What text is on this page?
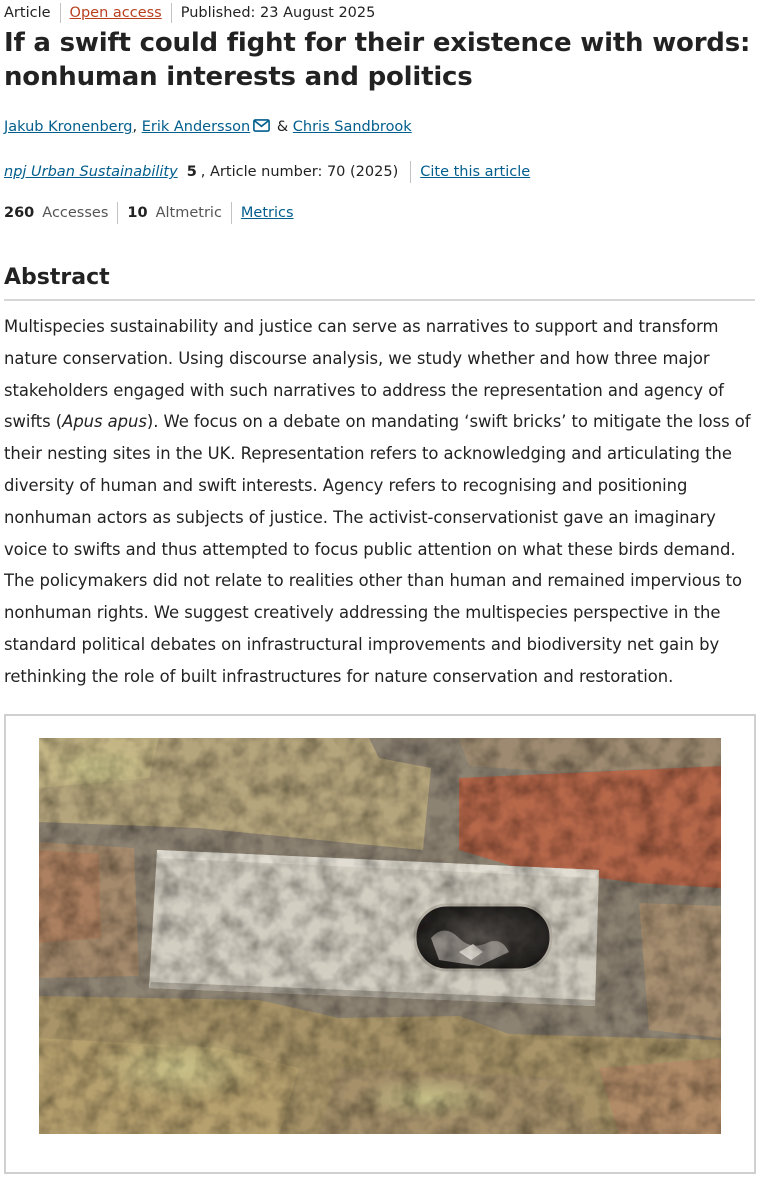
Article Open access Published: 23 August 2025
If a swift could fight for their existence with words: nonhuman interests and politics
Jakub Kronenberg, Erik Andersson & Chris Sandbrook
npj Urban Sustainability 5 , Article number: 70 (2025) Cite this article
260 Accesses 10 Altmetric Metrics
Abstract

Multispecies sustainability and justice can serve as narratives to support and transform nature conservation. Using discourse analysis, we study whether and how three major stakeholders engaged with such narratives to address the representation and agency of swifts (Apus apus). We focus on a debate on mandating ‘swift bricks’ to mitigate the loss of their nesting sites in the UK. Representation refers to acknowledging and articulating the diversity of human and swift interests. Agency refers to recognising and positioning nonhuman actors as subjects of justice. The activist-conservationist gave an imaginary voice to swifts and thus attempted to focus public attention on what these birds demand. The policymakers did not relate to realities other than human and remained impervious to nonhuman rights. We suggest creatively addressing the multispecies perspective in the standard political debates on infrastructural improvements and biodiversity net gain by rethinking the role of built infrastructures for nature conservation and restoration.
